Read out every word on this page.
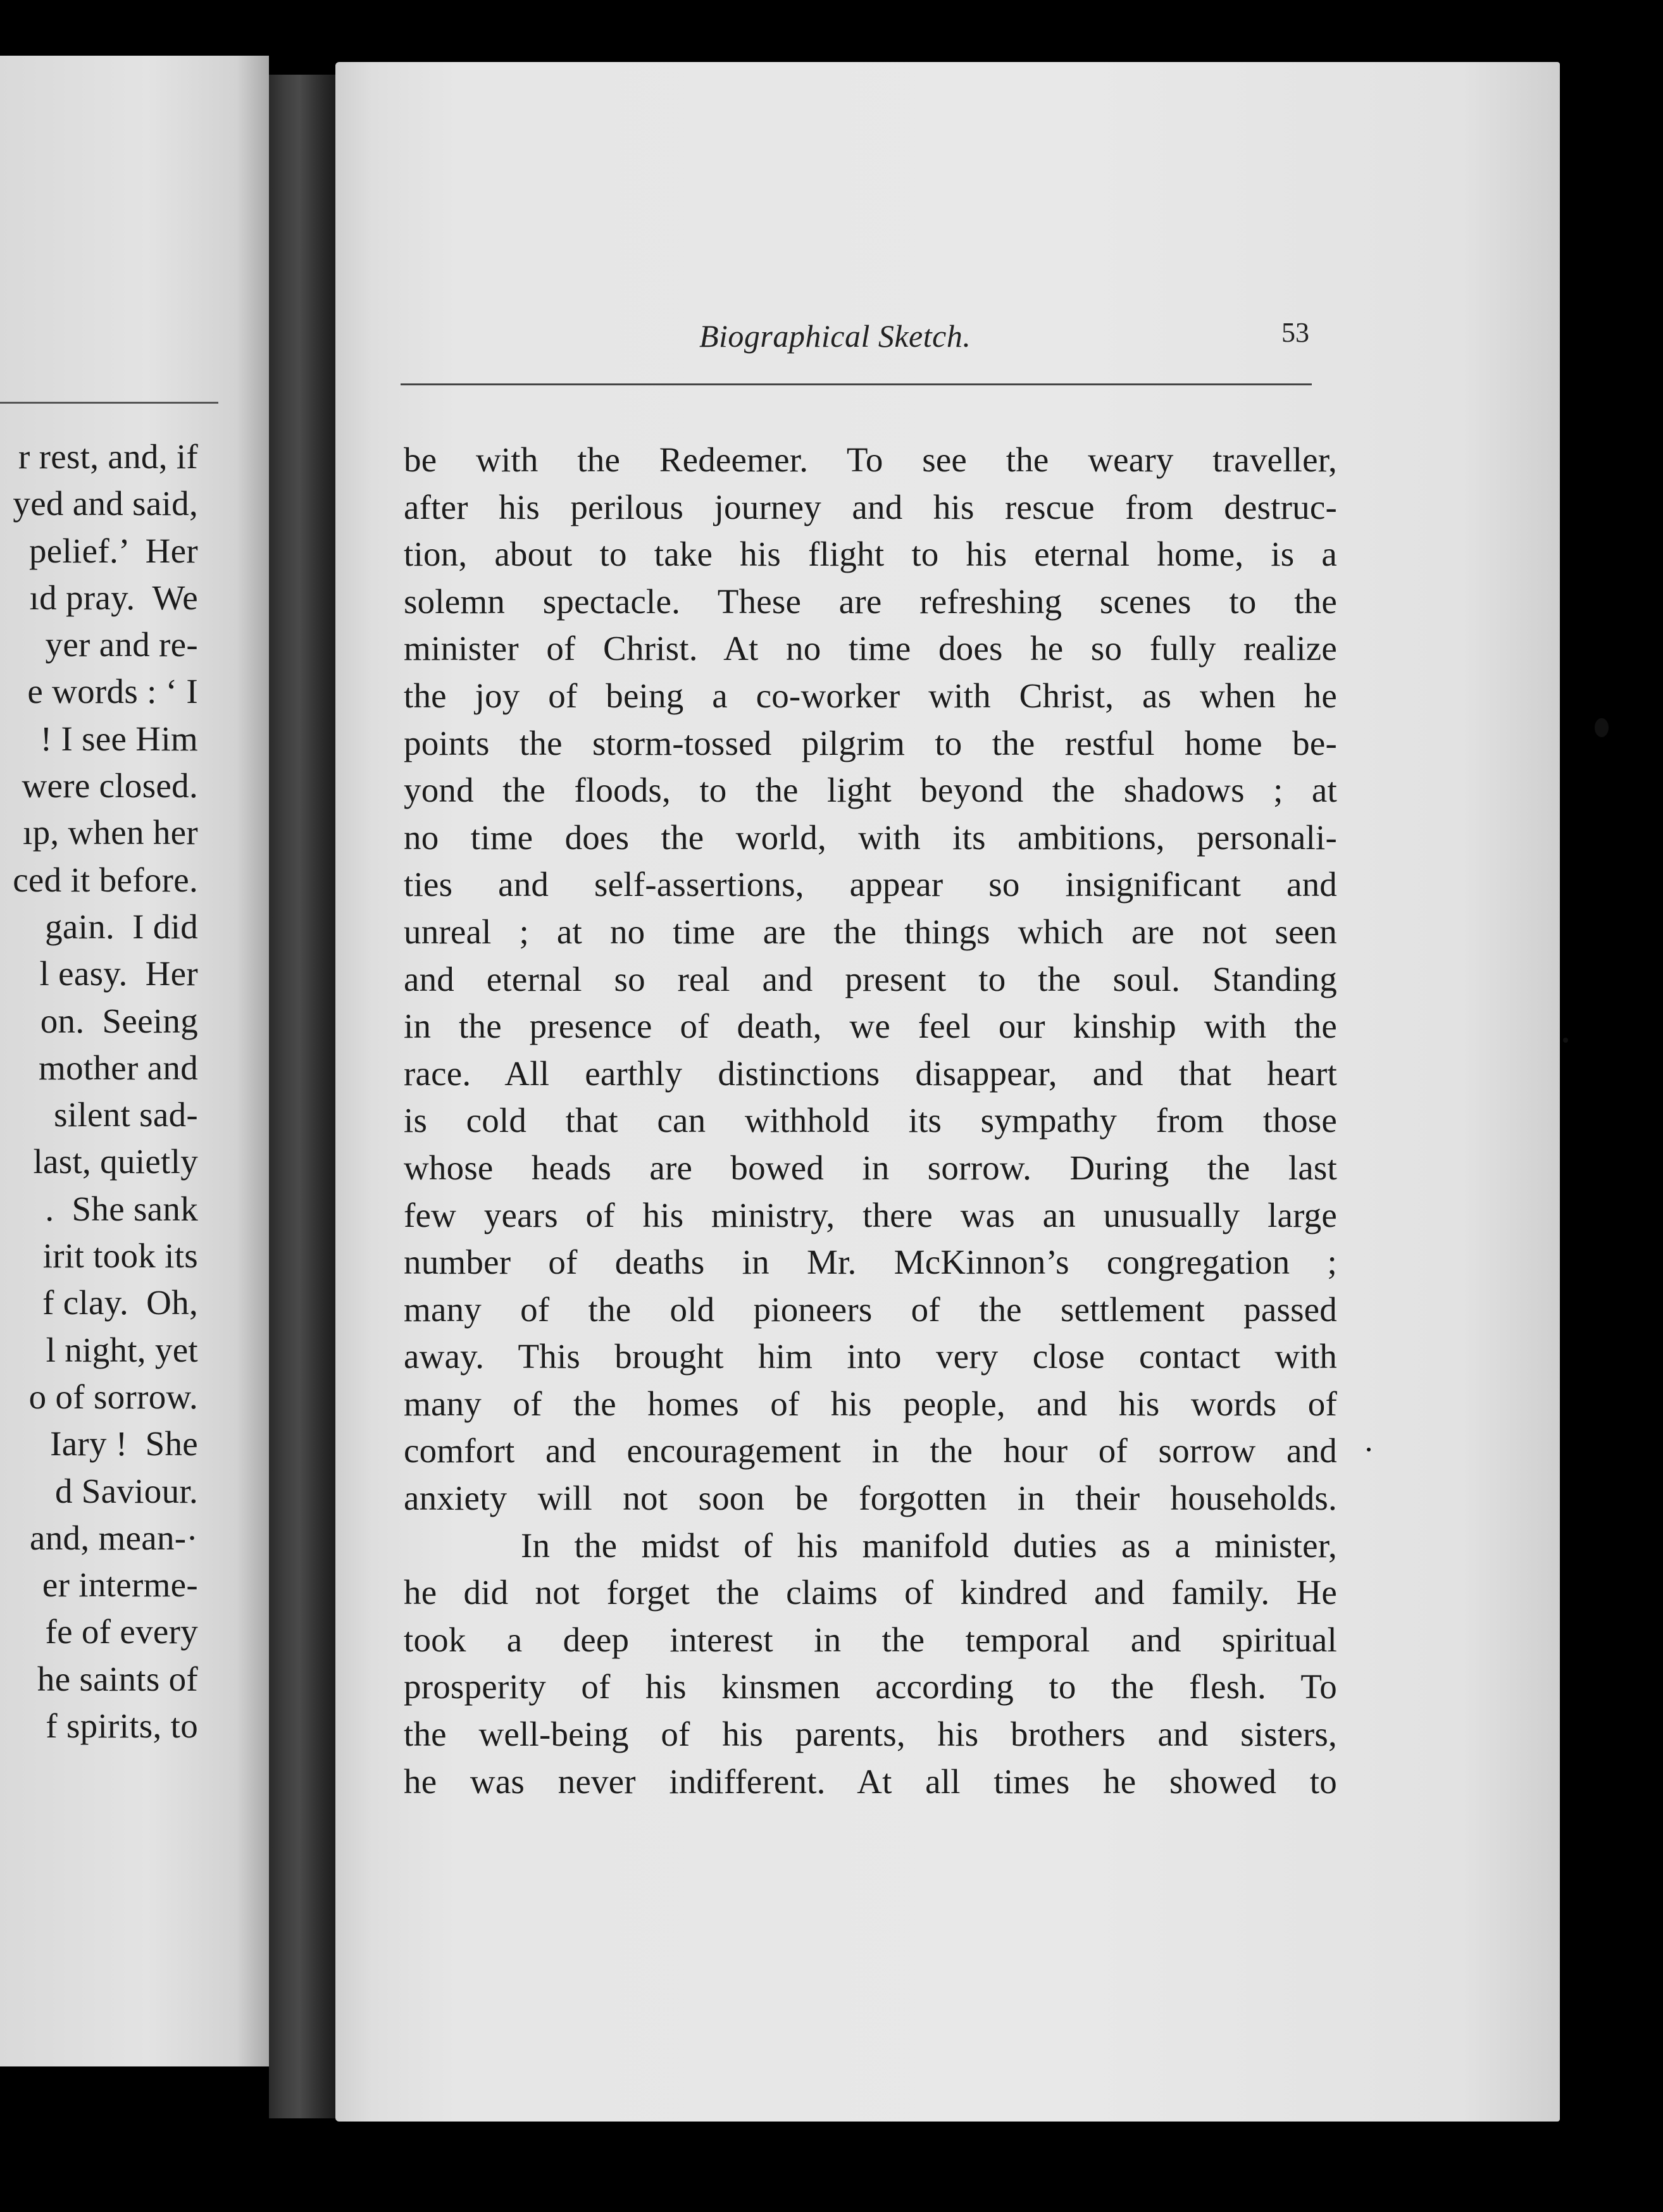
r rest, and, if
yed and said,
pelief.’  Her
ıd pray.  We
yer and re-
e words : ‘ I
! I see Him
were closed.
ıp, when her
ced it before.
gain.  I did
l easy.  Her
on.  Seeing
mother and
silent sad-
last, quietly
.  She sank
irit took its
f clay.  Oh,
l night, yet
o of sorrow.
Iary !  She
d Saviour.
and, mean-·
er interme-
fe of every
he saints of
f spirits, to
Biographical Sketch.	53
be with the Redeemer. To see the weary traveller,
after his perilous journey and his rescue from destruc-
tion, about to take his flight to his eternal home, is a
solemn spectacle. These are refreshing scenes to the
minister of Christ. At no time does he so fully realize
the joy of being a co-worker with Christ, as when he
points the storm-tossed pilgrim to the restful home be-
yond the floods, to the light beyond the shadows ; at
no time does the world, with its ambitions, personali-
ties and self-assertions, appear so insignificant and
unreal ; at no time are the things which are not seen
and eternal so real and present to the soul. Standing
in the presence of death, we feel our kinship with the
race. All earthly distinctions disappear, and that heart
is cold that can withhold its sympathy from those
whose heads are bowed in sorrow. During the last
few years of his ministry, there was an unusually large
number of deaths in Mr. McKinnon’s congregation ;
many of the old pioneers of the settlement passed
away. This brought him into very close contact with
many of the homes of his people, and his words of
comfort and encouragement in the hour of sorrow and
anxiety will not soon be forgotten in their households.
In the midst of his manifold duties as a minister,
he did not forget the claims of kindred and family. He
took a deep interest in the temporal and spiritual
prosperity of his kinsmen according to the flesh. To
the well-being of his parents, his brothers and sisters,
he was never indifferent. At all times he showed to
